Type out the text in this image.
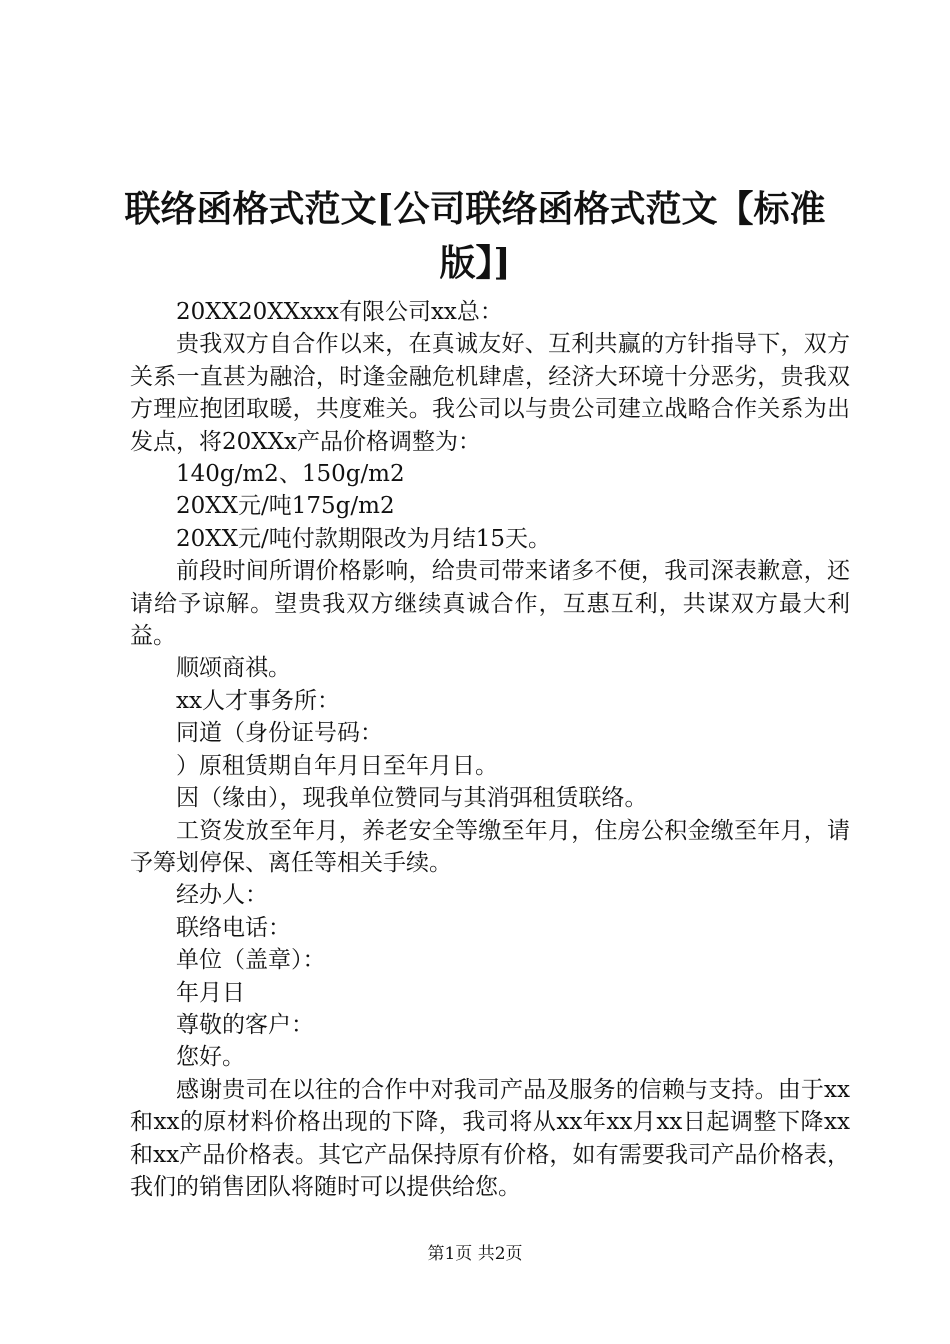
联络函格式范文[公司联络函格式范文【标准版】]

20XX20XXxxx有限公司xx总：

贵我双方自合作以来，在真诚友好、互利共赢的方针指导下，双方关系一直甚为融洽，时逢金融危机肆虐，经济大环境十分恶劣，贵我双方理应抱团取暖，共度难关。我公司以与贵公司建立战略合作关系为出发点，将20XXx产品价格调整为：

140g/m2、150g/m2

20XX元/吨175g/m2

20XX元/吨付款期限改为月结15天。

前段时间所谓价格影响，给贵司带来诸多不便，我司深表歉意，还请给予谅解。望贵我双方继续真诚合作，互惠互利，共谋双方最大利益。

顺颂商祺。

xx人才事务所：

同道（身份证号码：

）原租赁期自年月日至年月日。

因（缘由），现我单位赞同与其消弭租赁联络。

工资发放至年月，养老安全等缴至年月，住房公积金缴至年月，请予筹划停保、离任等相关手续。

经办人：

联络电话：

单位（盖章）：

年月日

尊敬的客户：

您好。

感谢贵司在以往的合作中对我司产品及服务的信赖与支持。由于xx和xx的原材料价格出现的下降，我司将从xx年xx月xx日起调整下降xx和xx产品价格表。其它产品保持原有价格，如有需要我司产品价格表，我们的销售团队将随时可以提供给您。

第1页 共2页
